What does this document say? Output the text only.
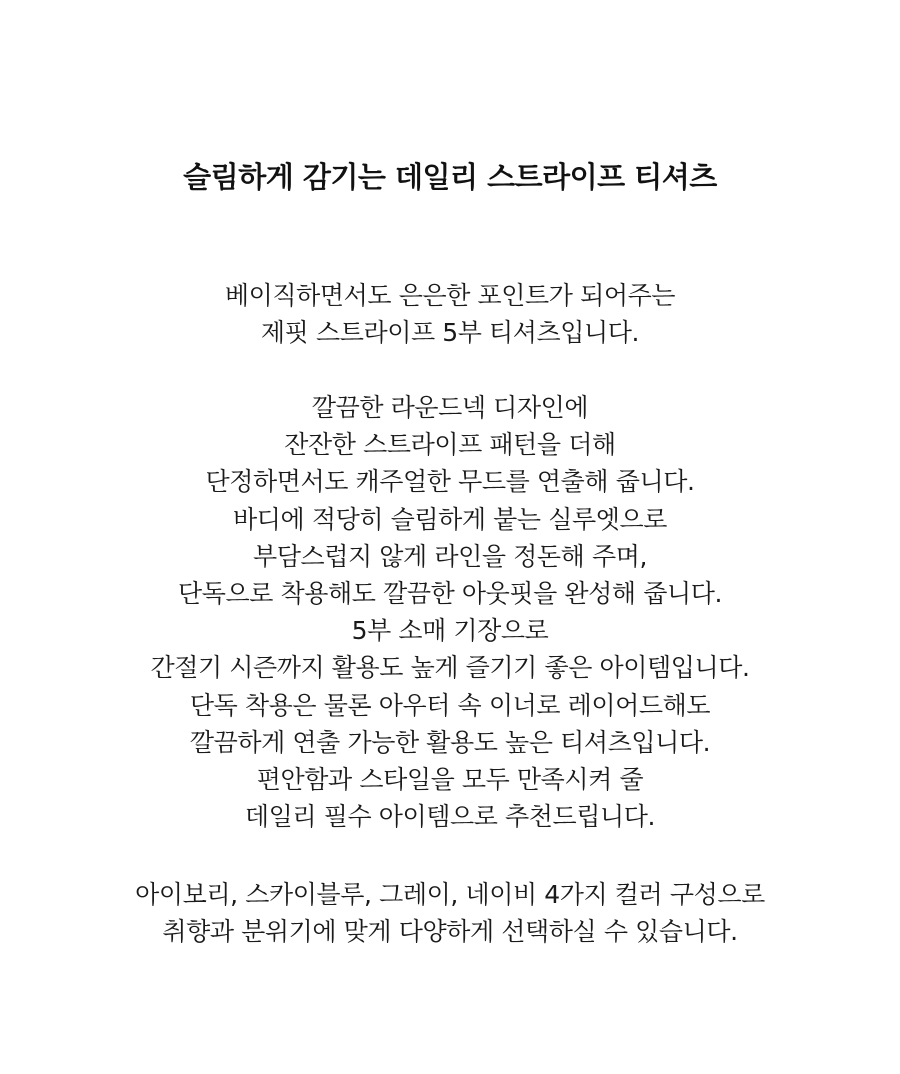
슬림하게 감기는 데일리 스트라이프 티셔츠
베이직하면서도 은은한 포인트가 되어주는
제핏 스트라이프 5부 티셔츠입니다.
깔끔한 라운드넥 디자인에
잔잔한 스트라이프 패턴을 더해
단정하면서도 캐주얼한 무드를 연출해 줍니다.
바디에 적당히 슬림하게 붙는 실루엣으로
부담스럽지 않게 라인을 정돈해 주며,
단독으로 착용해도 깔끔한 아웃핏을 완성해 줍니다.
5부 소매 기장으로
간절기 시즌까지 활용도 높게 즐기기 좋은 아이템입니다.
단독 착용은 물론 아우터 속 이너로 레이어드해도
깔끔하게 연출 가능한 활용도 높은 티셔츠입니다.
편안함과 스타일을 모두 만족시켜 줄
데일리 필수 아이템으로 추천드립니다.
아이보리, 스카이블루, 그레이, 네이비 4가지 컬러 구성으로
취향과 분위기에 맞게 다양하게 선택하실 수 있습니다.
